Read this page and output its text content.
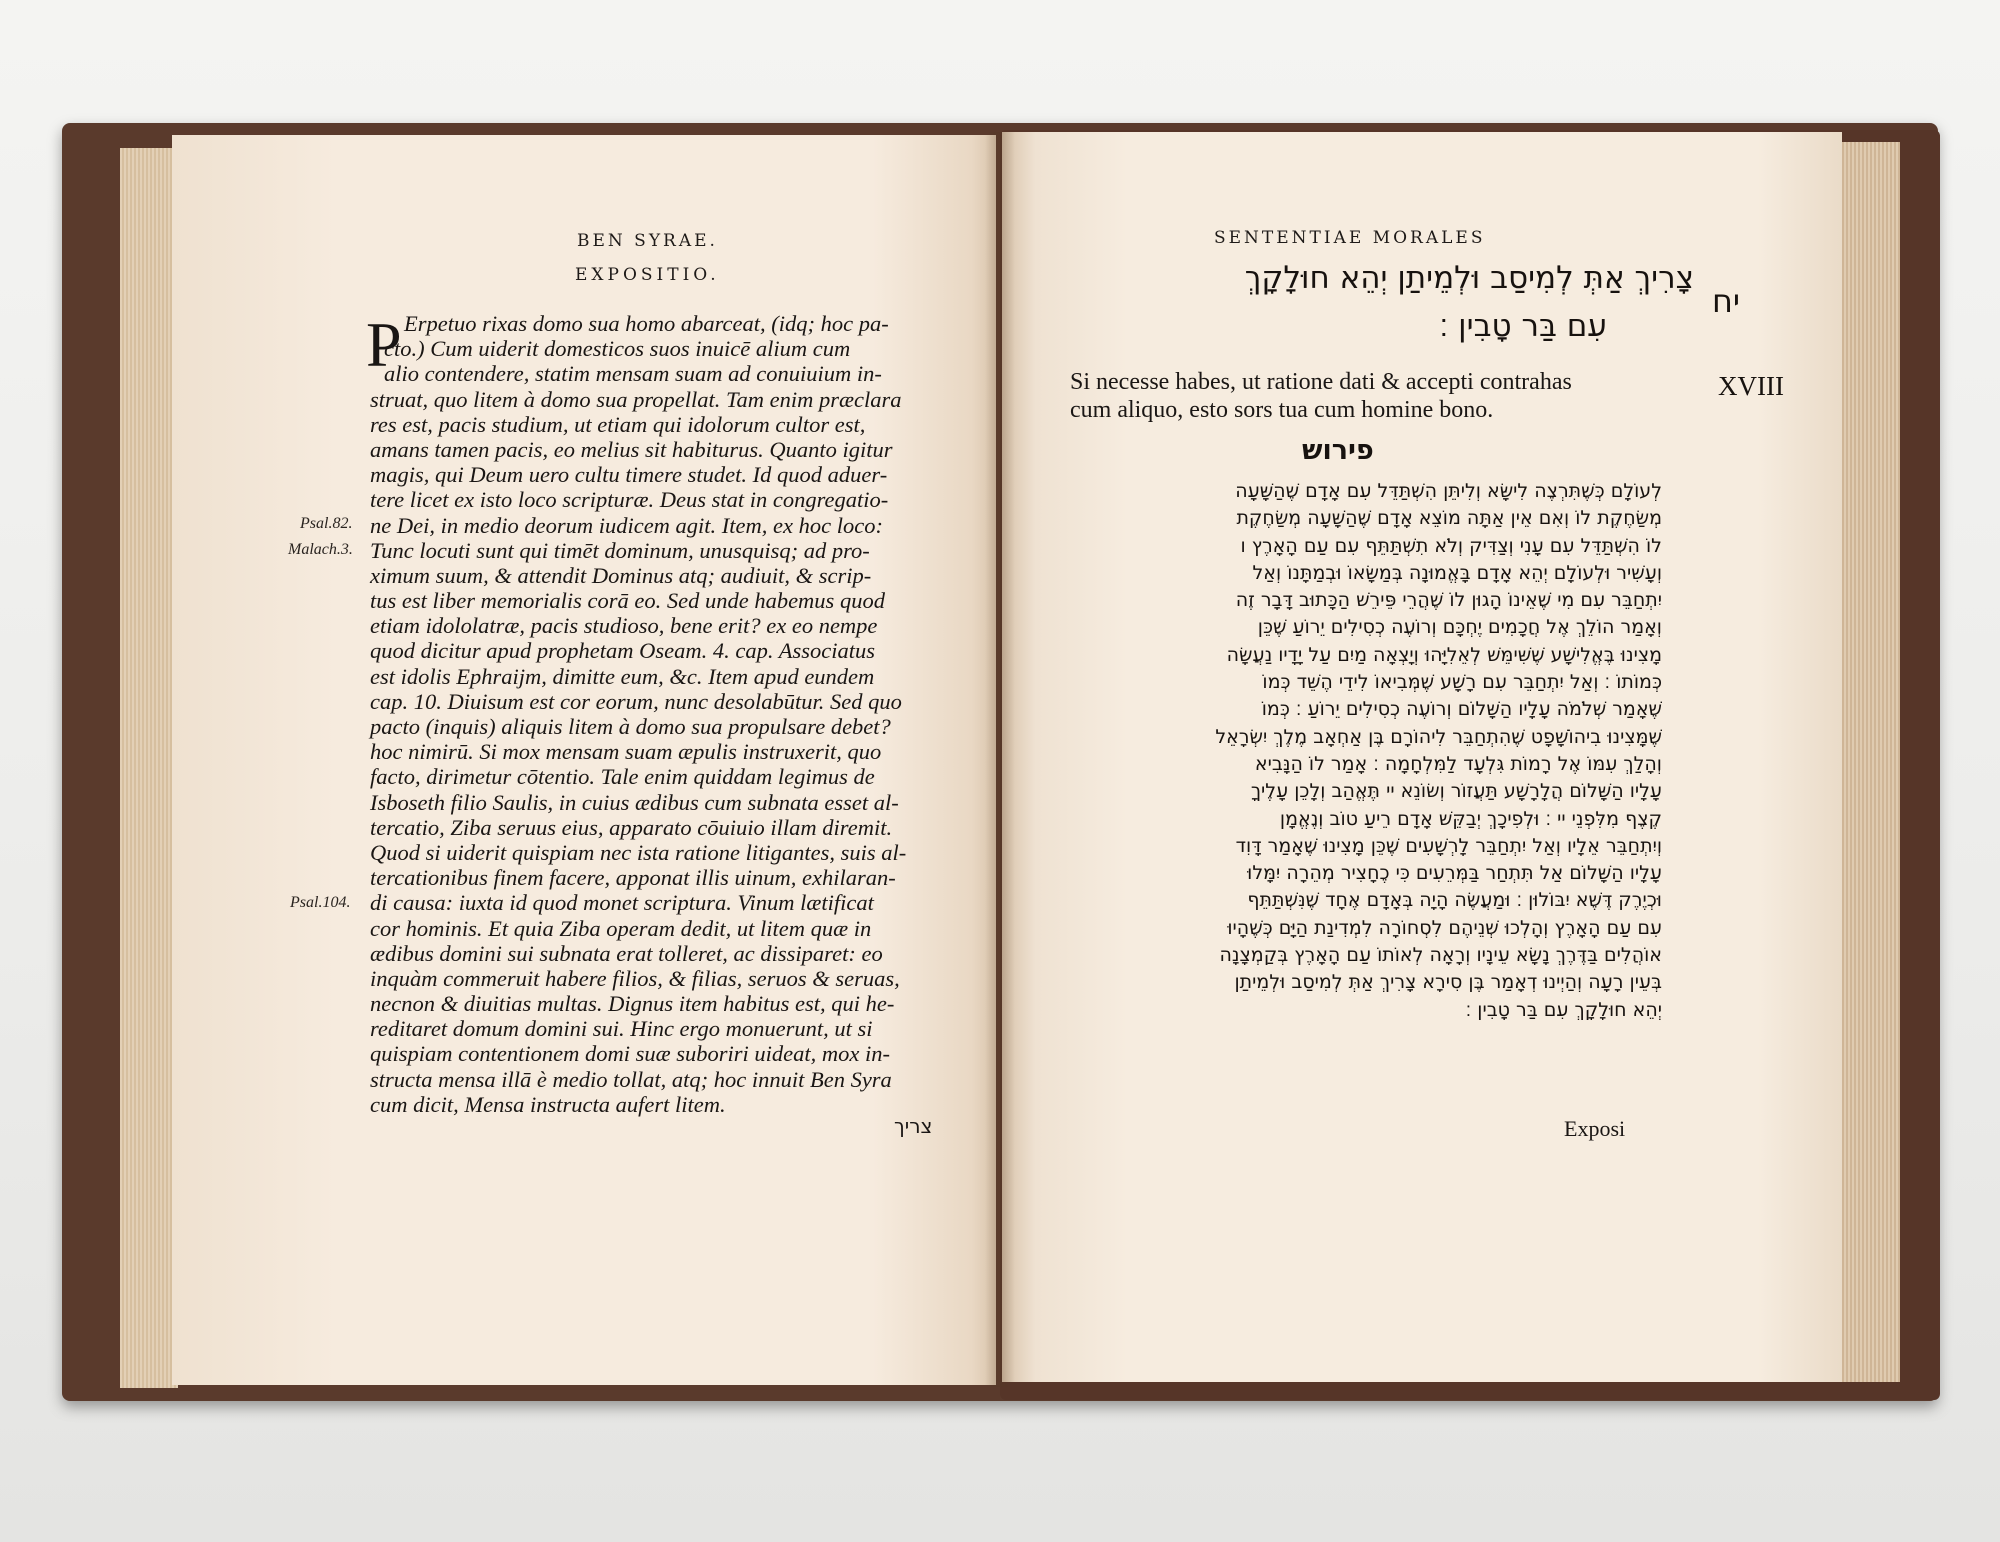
BEN SYRAE.
EXPOSITIO.
P Erpetuo rixas domo sua homo abarceat, (idq; hoc pa-
cto.) Cum uiderit domesticos suos inuicē alium cum
alio contendere, statim mensam suam ad conuiuium in-
struat, quo litem à domo sua propellat. Tam enim præclara
res est, pacis studium, ut etiam qui idolorum cultor est,
amans tamen pacis, eo melius sit habiturus. Quanto igitur
magis, qui Deum uero cultu timere studet. Id quod aduer-
tere licet ex isto loco scripturæ. Deus stat in congregatio-
ne Dei, in medio deorum iudicem agit. Item, ex hoc loco:
Tunc locuti sunt qui timēt dominum, unusquisq; ad pro-
ximum suum, & attendit Dominus atq; audiuit, & scrip-
tus est liber memorialis corā eo. Sed unde habemus quod
etiam idololatræ, pacis studioso, bene erit? ex eo nempe
quod dicitur apud prophetam Oseam. 4. cap. Associatus
est idolis Ephraijm, dimitte eum, &c. Item apud eundem
cap. 10. Diuisum est cor eorum, nunc desolabūtur. Sed quo
pacto (inquis) aliquis litem à domo sua propulsare debet?
hoc nimirū. Si mox mensam suam æpulis instruxerit, quo
facto, dirimetur cōtentio. Tale enim quiddam legimus de
Isboseth filio Saulis, in cuius ædibus cum subnata esset al-
tercatio, Ziba seruus eius, apparato cōuiuio illam diremit.
Quod si uiderit quispiam nec ista ratione litigantes, suis al-
tercationibus finem facere, apponat illis uinum, exhilaran-
di causa: iuxta id quod monet scriptura. Vinum lætificat
cor hominis. Et quia Ziba operam dedit, ut litem quæ in
ædibus domini sui subnata erat tolleret, ac dissiparet: eo
inquàm commeruit habere filios, & filias, seruos & seruas,
necnon & diuitias multas. Dignus item habitus est, qui he-
reditaret domum domini sui. Hinc ergo monuerunt, ut si
quispiam contentionem domi suæ suboriri uideat, mox in-
structa mensa illā è medio tollat, atq; hoc innuit Ben Syra
cum dicit, Mensa instructa aufert litem.
Psal.82.
Malach.3.
Psal.104.
צריך
SENTENTIAE MORALES
יח
צָרִיךְ אַתְּ לְמִיסַב וּלְמֵיתַן יְהֵא חוּלָקָךְ
עִם בַּר טָבִין ׃
Si necesse habes, ut ratione dati & accepti contrahas
cum aliquo, esto sors tua cum homine bono.
XVIII
פירוש
לְעוֹלָם כְּשֶׁתִּרְצֶה לִישָּׂא וְלִיתֵּן הִשְׁתַּדֵּל עִם אָדָם שֶׁהַשָּׁעָה
מְשַׂחֶקֶת לוֹ וְאִם אֵין אַתָּה מוֹצֵא אָדָם שֶׁהַשָּׁעָה מְשַׂחֶקֶת
לוֹ הִשְׁתַּדֵּל עִם עָנִי וְצַדִּיק וְלֹא תִשְׁתַּתֵּף עִם עַם הָאָרֶץ ו
וְעָשִׁיר וּלְעוֹלָם יְהֵא אָדָם בָּאֱמוּנָה בְּמַשָּׂאוֹ וּבְמַתָּנוֹ וְאַל
יִתְחַבֵּר עִם מִי שֶׁאֵינוֹ הָגוּן לוֹ שֶׁהֲרֵי פֵּירֵשׁ הַכָּתוּב דָּבָר זֶה
וְאָמַר הוֹלֵךְ אֶל חֲכָמִים יֶחְכָּם וְרוֹעֶה כְסִילִים יֵרוֹעַ שֶׁכֵּן
מָצִינוּ בֶּאֱלִישָׁע שֶׁשִּׁימֵּשׁ לְאֵלִיָּהוּ וְיָצְאָה מַיִם עַל יָדָיו נַעֲשָׂה
כְּמוֹתוֹ ׃ וְאַל יִתְחַבֵּר עִם רָשָׁע שֶׁמְּבִיאוֹ לִידֵי הֶשֵּׁד כְּמוֹ
שֶׁאָמַר שְׁלֹמֹה עָלָיו הַשָּׁלוֹם וְרוֹעֶה כְסִילִים יֵרוֹעַ ׃ כְּמוֹ
שֶׁמָּצִינוּ בִיהוֹשָׁפָט שֶׁהִתְחַבֵּר לִיהוֹרָם בֶּן אַחְאָב מֶלֶךְ יִשְׂרָאֵל
וְהָלַךְ עִמּוֹ אֶל רָמוֹת גִּלְעָד לַמִּלְחָמָה ׃ אָמַר לוֹ הַנָּבִיא
עָלָיו הַשָּׁלוֹם הֲלָרָשָׁע תַּעֲזוֹר וְשׂוֹנֵא יי תֶּאֱהַב וְלָכֵן עָלֶיךָ
קֶצֶף מִלִּפְנֵי יי ׃ וּלְפִיכָךְ יְבַקֵּשׁ אָדָם רֵיעַ טוֹב וְנֶאֱמָן
וְיִתְחַבֵּר אֵלָיו וְאַל יִתְחַבֵּר לָרְשָׁעִים שֶׁכֵּן מָצִינוּ שֶׁאָמַר דָּוִד
עָלָיו הַשָּׁלוֹם אַל תִּתְחַר בַּמְּרֵעִים כִּי כֶחָצִיר מְהֵרָה יִמָּלוּ
וּכְיֶרֶק דֶּשֶׁא יִבּוֹלוּן ׃ וּמַעֲשֶׂה הָיָה בְּאָדָם אֶחָד שֶׁנִּשְׁתַּתֵּף
עִם עַם הָאָרֶץ וְהָלְכוּ שְׁנֵיהֶם לִסְחוֹרָה לִמְדִינַת הַיָּם כְּשֶׁהָיוּ
אוֹהֲלִים בַּדֶּרֶךְ נָשָׂא עֵינָיו וְרָאָה לְאוֹתוֹ עַם הָאָרֶץ בְּקַמְצָנָה
בְּעֵין רָעָה וְהַיְינוּ דְאָמַר בֶּן סִירָא צָרִיךְ אַתְּ לְמִיסַב וּלְמֵיתַן
יְהֵא חוּלָקָךְ עִם בַּר טָבִין ׃
Exposi
